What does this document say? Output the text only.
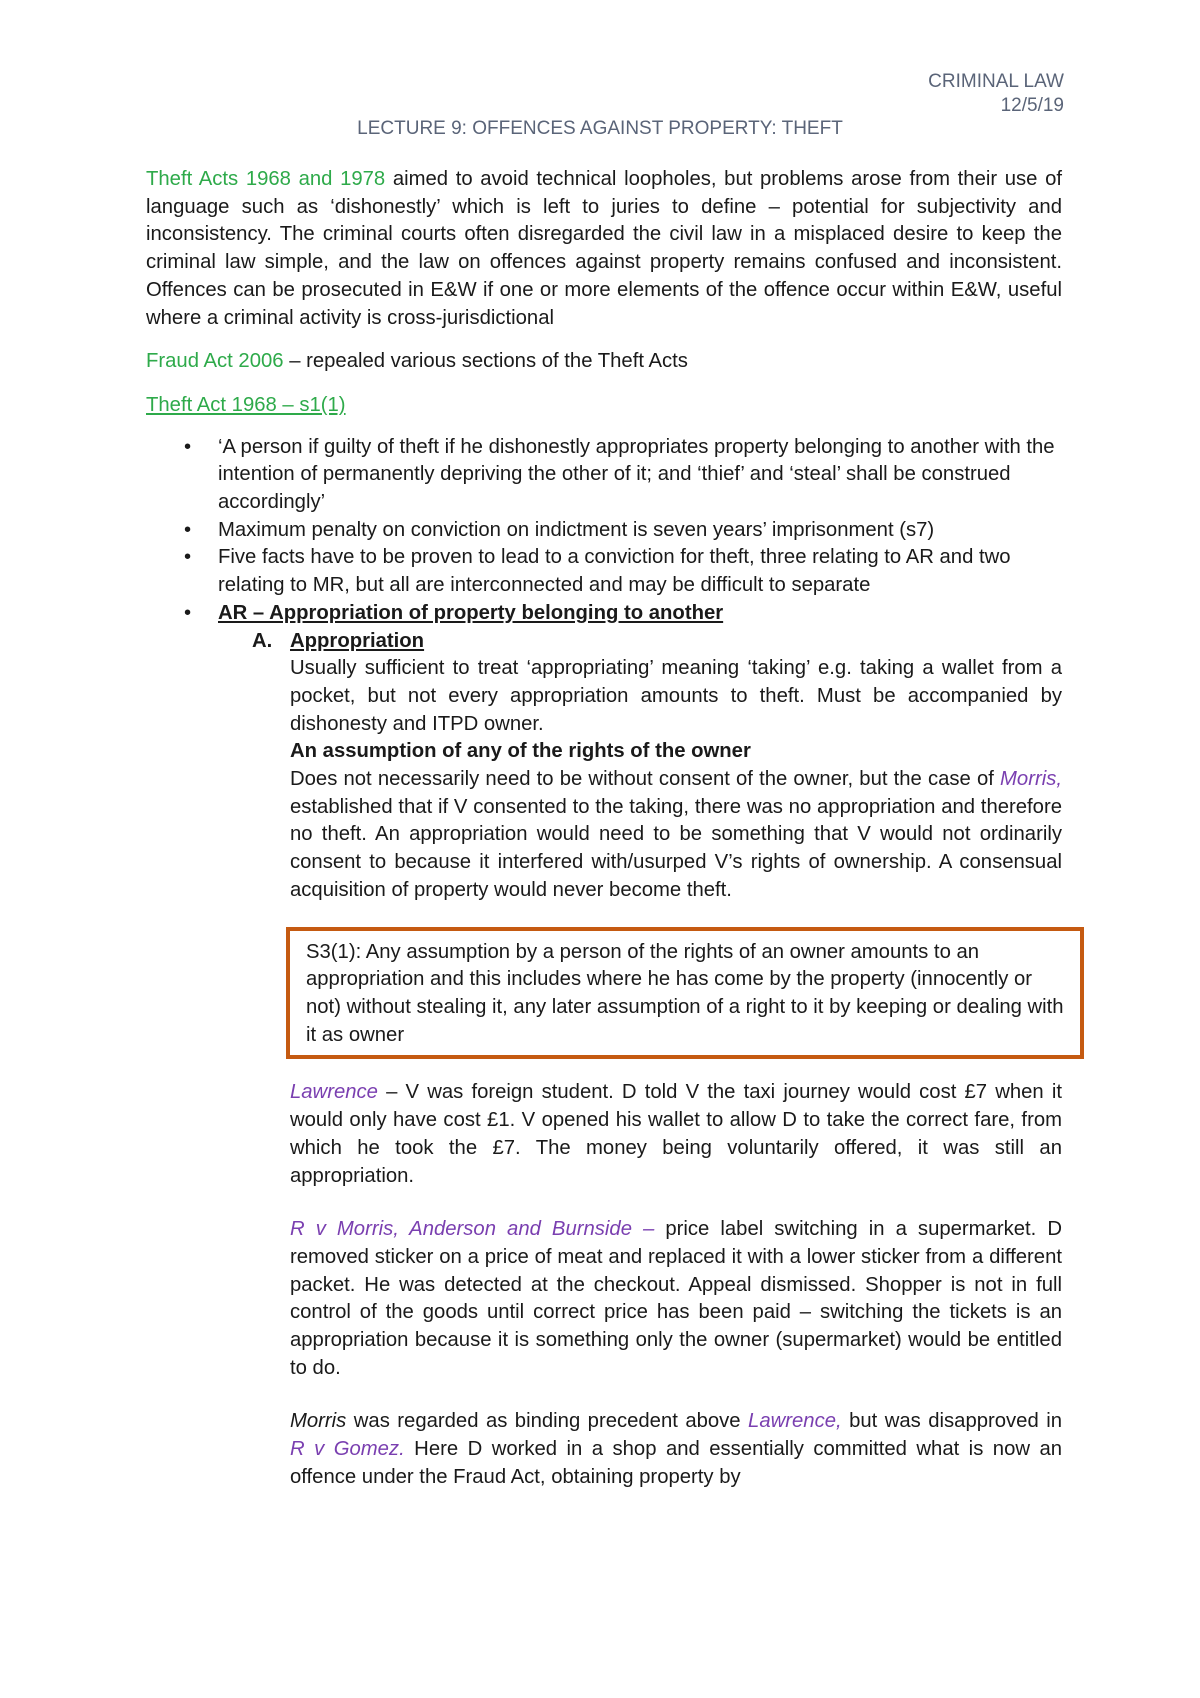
CRIMINAL LAW
12/5/19
LECTURE 9: OFFENCES AGAINST PROPERTY: THEFT

Theft Acts 1968 and 1978 aimed to avoid technical loopholes, but problems arose from their use of language such as ‘dishonestly’ which is left to juries to define – potential for subjectivity and inconsistency. The criminal courts often disregarded the civil law in a misplaced desire to keep the criminal law simple, and the law on offences against property remains confused and inconsistent. Offences can be prosecuted in E&W if one or more elements of the offence occur within E&W, useful where a criminal activity is cross-jurisdictional

Fraud Act 2006 – repealed various sections of the Theft Acts

Theft Act 1968 – s1(1)

• ‘A person if guilty of theft if he dishonestly appropriates property belonging to another with the intention of permanently depriving the other of it; and ‘thief’ and ‘steal’ shall be construed accordingly’
• Maximum penalty on conviction on indictment is seven years’ imprisonment (s7)
• Five facts have to be proven to lead to a conviction for theft, three relating to AR and two relating to MR, but all are interconnected and may be difficult to separate
• AR – Appropriation of property belonging to another
A. Appropriation

Usually sufficient to treat ‘appropriating’ meaning ‘taking’ e.g. taking a wallet from a pocket, but not every appropriation amounts to theft. Must be accompanied by dishonesty and ITPD owner.

An assumption of any of the rights of the owner

Does not necessarily need to be without consent of the owner, but the case of Morris, established that if V consented to the taking, there was no appropriation and therefore no theft. An appropriation would need to be something that V would not ordinarily consent to because it interfered with/usurped V’s rights of ownership. A consensual acquisition of property would never become theft.

S3(1): Any assumption by a person of the rights of an owner amounts to an appropriation and this includes where he has come by the property (innocently or not) without stealing it, any later assumption of a right to it by keeping or dealing with it as owner

Lawrence – V was foreign student. D told V the taxi journey would cost £7 when it would only have cost £1. V opened his wallet to allow D to take the correct fare, from which he took the £7. The money being voluntarily offered, it was still an appropriation.

R v Morris, Anderson and Burnside – price label switching in a supermarket. D removed sticker on a price of meat and replaced it with a lower sticker from a different packet. He was detected at the checkout. Appeal dismissed. Shopper is not in full control of the goods until correct price has been paid – switching the tickets is an appropriation because it is something only the owner (supermarket) would be entitled to do.

Morris was regarded as binding precedent above Lawrence, but was disapproved in R v Gomez. Here D worked in a shop and essentially committed what is now an offence under the Fraud Act, obtaining property by
